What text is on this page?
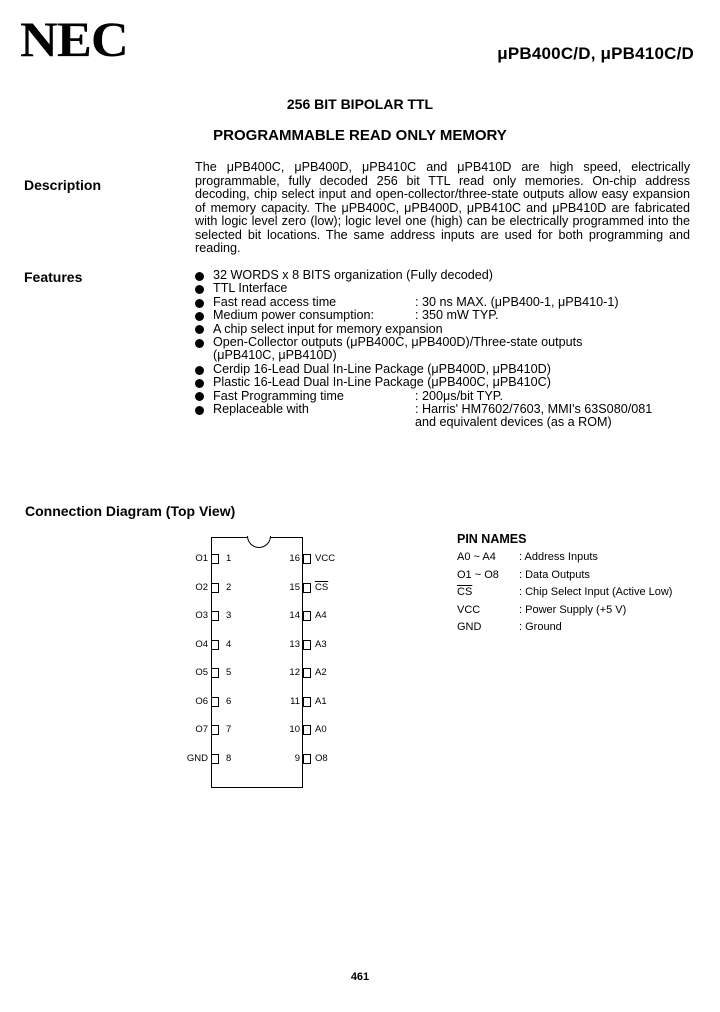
NEC	μPB400C/D, μPB410C/D
256 BIT BIPOLAR TTL
PROGRAMMABLE READ ONLY MEMORY
Description
The μPB400C, μPB400D, μPB410C and μPB410D are high speed, electrically programmable, fully decoded 256 bit TTL read only memories. On-chip address decoding, chip select input and open-collector/three-state outputs allow easy expansion of memory capacity. The μPB400C, μPB400D, μPB410C and μPB410D are fabricated with logic level zero (low); logic level one (high) can be electrically programmed into the selected bit locations. The same address inputs are used for both programming and reading.
Features	32 WORDS x 8 BITS organization (Fully decoded)
TTL Interface
Fast read access time	: 30 ns MAX. (μPB400-1, μPB410-1)
Medium power consumption:	: 350 mW TYP.
A chip select input for memory expansion
Open-Collector outputs (μPB400C, μPB400D)/Three-state outputs
(μPB410C, μPB410D)
Cerdip 16-Lead Dual In-Line Package (μPB400D, μPB410D)
Plastic 16-Lead Dual In-Line Package (μPB400C, μPB410C)
Fast Programming time	: 200μs/bit TYP.
Replaceable with	: Harris' HM7602/7603, MMI's 63S080/081
and equivalent devices (as a ROM)
Connection Diagram (Top View)
1
O1
2
O2
3
O3
4
O4
5
O5
6
O6
7
O7
8
GND
16 VCC
15 $\overline{CS}$
14 A4
13 A3
12 A2
11 A1
10 A0
9 O8
PIN NAMES
A0 ~ A4	: Address Inputs
O1 ~ O8	: Data Outputs
$\overline{CS}$	: Chip Select Input (Active Low)
VCC	: Power Supply (+5 V)
GND	: Ground
461
